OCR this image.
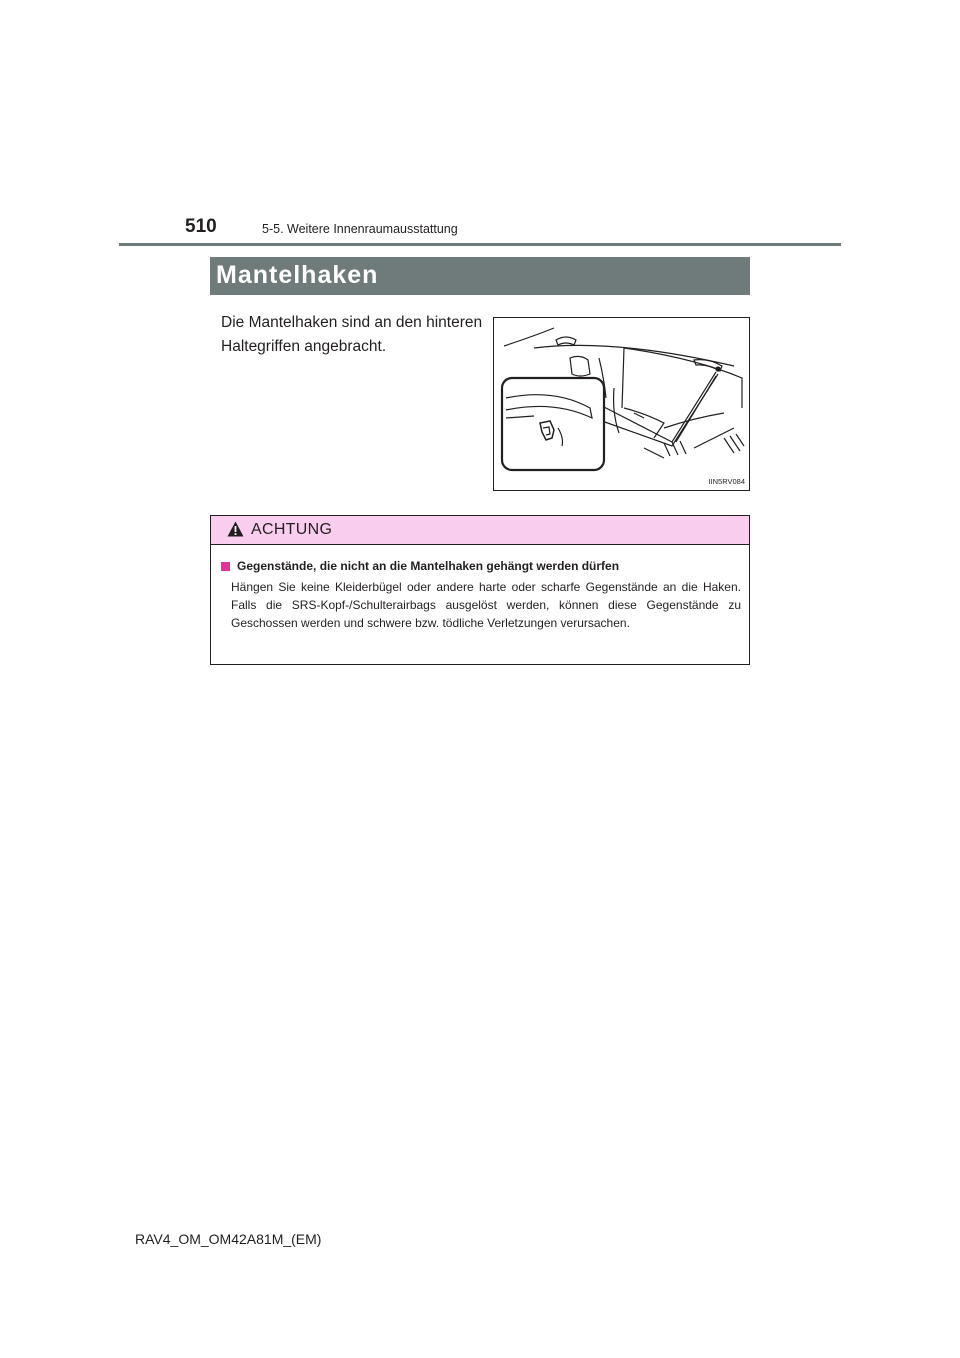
510	5-5. Weitere Innenraumausstattung
Mantelhaken
Die Mantelhaken sind an den hinteren Haltegriffen angebracht.
IIN5RV084
ACHTUNG
Gegenstände, die nicht an die Mantelhaken gehängt werden dürfen
Hängen Sie keine Kleiderbügel oder andere harte oder scharfe Gegenstände an die Haken. Falls die SRS-Kopf-/Schulterairbags ausgelöst werden, können diese Gegenstände zu Geschossen werden und schwere bzw. tödliche Verletzungen verursachen.
RAV4_OM_OM42A81M_(EM)
